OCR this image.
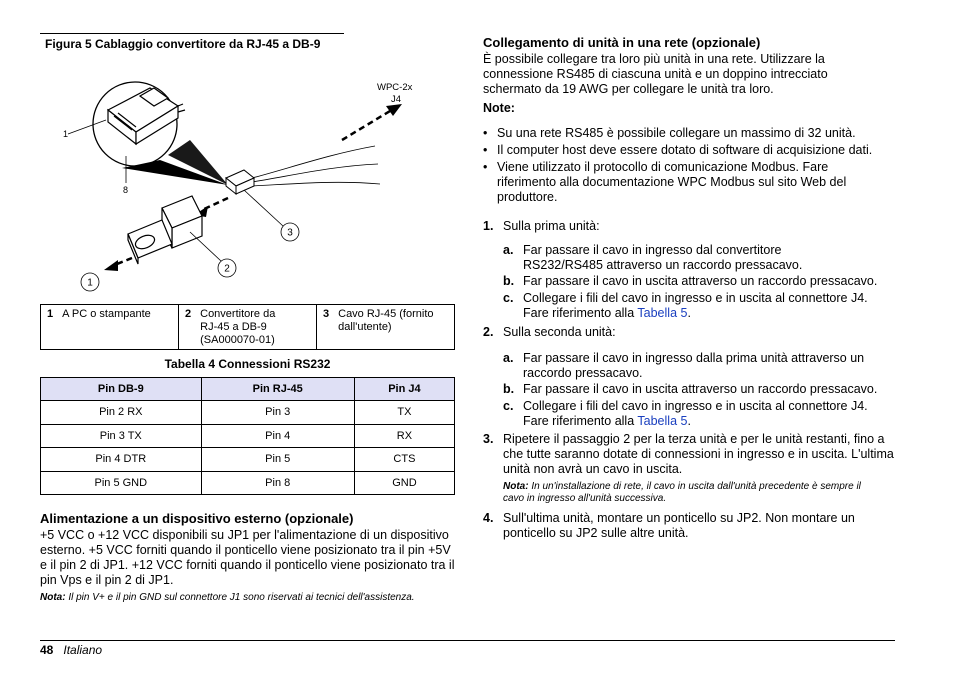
Figura 5 Cablaggio convertitore da RJ-45 a DB-9
1
8
WPC-2x
J4
3
2
1
1 A PC o stampante	2 Convertitore da RJ-45 a DB-9 (SA000070-01)
3 Cavo RJ-45 (fornito dall'utente)
Tabella 4 Connessioni RS232
Pin DB-9	Pin RJ-45	Pin J4
Pin 2 RX	Pin 3	TX
Pin 3 TX	Pin 4	RX
Pin 4 DTR	Pin 5	CTS
Pin 5 GND	Pin 8	GND
Alimentazione a un dispositivo esterno (opzionale)
+5 VCC o +12 VCC disponibili su JP1 per l'alimentazione di un dispositivo esterno. +5 VCC forniti quando il ponticello viene posizionato tra il pin +5V e il pin 2 di JP1. +12 VCC forniti quando il ponticello viene posizionato tra il pin Vps e il pin 2 di JP1.
Nota: Il pin V+ e il pin GND sul connettore J1 sono riservati ai tecnici dell'assistenza.
Collegamento di unità in una rete (opzionale)
È possibile collegare tra loro più unità in una rete. Utilizzare la connessione RS485 di ciascuna unità e un doppino intrecciato schermato da 19 AWG per collegare le unità tra loro.
Note:
• Su una rete RS485 è possibile collegare un massimo di 32 unità.
• Il computer host deve essere dotato di software di acquisizione dati.
• Viene utilizzato il protocollo di comunicazione Modbus. Fare riferimento alla documentazione WPC Modbus sul sito Web del produttore.
1. Sulla prima unità:
a. Far passare il cavo in ingresso dal convertitore RS232/RS485 attraverso un raccordo pressacavo.
b. Far passare il cavo in uscita attraverso un raccordo pressacavo.
c. Collegare i fili del cavo in ingresso e in uscita al connettore J4. Fare riferimento alla Tabella 5.
2. Sulla seconda unità:
a. Far passare il cavo in ingresso dalla prima unità attraverso un raccordo pressacavo.
b. Far passare il cavo in uscita attraverso un raccordo pressacavo.
c. Collegare i fili del cavo in ingresso e in uscita al connettore J4. Fare riferimento alla Tabella 5.
3. Ripetere il passaggio 2 per la terza unità e per le unità restanti, fino a che tutte saranno dotate di connessioni in ingresso e in uscita. L'ultima unità non avrà un cavo in uscita.
Nota: In un'installazione di rete, il cavo in uscita dall'unità precedente è sempre il cavo in ingresso all'unità successiva.
4. Sull'ultima unità, montare un ponticello su JP2. Non montare un ponticello su JP2 sulle altre unità.
48 Italiano
